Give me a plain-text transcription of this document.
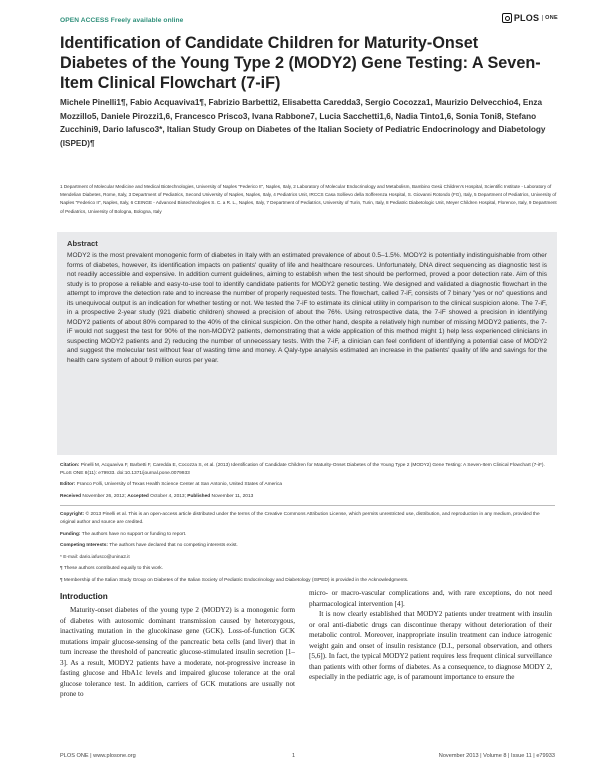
OPEN ACCESS Freely available online	PLOS	ONE
Identification of Candidate Children for Maturity-Onset Diabetes of the Young Type 2 (MODY2) Gene Testing: A Seven-Item Clinical Flowchart (7-iF)
Michele Pinelli1¶, Fabio Acquaviva1¶, Fabrizio Barbetti2, Elisabetta Caredda3, Sergio Cocozza1, Maurizio Delvecchio4, Enza Mozzillo5, Daniele Pirozzi1,6, Francesco Prisco3, Ivana Rabbone7, Lucia Sacchetti1,6, Nadia Tinto1,6, Sonia Toni8, Stefano Zucchini9, Dario Iafusco3*, Italian Study Group on Diabetes of the Italian Society of Pediatric Endocrinology and Diabetology (ISPED)¶
1 Department of Molecular Medicine and Medical Biotechnologies, University of Naples "Federico II", Naples, Italy, 2 Laboratory of Molecular Endocrinology and Metabolism, Bambino Gesù Children's Hospital, Scientific Institute - Laboratory of Mendelian Diabetes, Rome, Italy, 3 Department of Pediatrics, Second University of Naples, Naples, Italy, 4 Pediatrics Unit, IRCCS Casa Sollievo della Sofferenza Hospital, S. Giovanni Rotondo (FG), Italy, 5 Department of Pediatrics, University of Naples "Federico II", Naples, Italy, 6 CEINGE - Advanced Biotechnologies S. C. a R. L., Naples, Italy, 7 Department of Pediatrics, University of Turin, Turin, Italy, 8 Pediatric Diabetologic Unit, Meyer Children Hospital, Florence, Italy, 9 Department of Pediatrics, University of Bologna, Bologna, Italy
Abstract
MODY2 is the most prevalent monogenic form of diabetes in Italy with an estimated prevalence of about 0.5–1.5%. MODY2 is potentially indistinguishable from other forms of diabetes, however, its identification impacts on patients' quality of life and healthcare resources. Unfortunately, DNA direct sequencing as diagnostic test is not readily accessible and expensive. In addition current guidelines, aiming to establish when the test should be performed, proved a poor detection rate. Aim of this study is to propose a reliable and easy-to-use tool to identify candidate patients for MODY2 genetic testing. We designed and validated a diagnostic flowchart in the attempt to improve the detection rate and to increase the number of properly requested tests. The flowchart, called 7-iF, consists of 7 binary "yes or no" questions and its unequivocal output is an indication for whether testing or not. We tested the 7-iF to estimate its clinical utility in comparison to the clinical suspicion alone. The 7-iF, in a prospective 2-year study (921 diabetic children) showed a precision of about the 76%. Using retrospective data, the 7-iF showed a precision in identifying MODY2 patients of about 80% compared to the 40% of the clinical suspicion. On the other hand, despite a relatively high number of missing MODY2 patients, the 7-iF would not suggest the test for 90% of the non-MODY2 patients, demonstrating that a wide application of this method might 1) help less experienced clinicians in suspecting MODY2 patients and 2) reducing the number of unnecessary tests. With the 7-iF, a clinician can feel confident of identifying a potential case of MODY2 and suggest the molecular test without fear of wasting time and money. A Qaly-type analysis estimated an increase in the patients' quality of life and savings for the health care system of about 9 million euros per year.

Citation: Pinelli M, Acquaviva F, Barbetti F, Caredda E, Cocozza S, et al. (2013) Identification of Candidate Children for Maturity-Onset Diabetes of the Young Type 2 (MODY2) Gene Testing: A Seven-Item Clinical Flowchart (7-iF). PLoS ONE 8(11): e79933. doi:10.1371/journal.pone.0079933

Editor: Franco Folli, University of Texas Health Science Center at San Antonio, United States of America

Received November 26, 2012; Accepted October 4, 2013; Published November 11, 2013

Copyright: © 2013 Pinelli et al. This is an open-access article distributed under the terms of the Creative Commons Attribution License, which permits unrestricted use, distribution, and reproduction in any medium, provided the original author and source are credited.

Funding: The authors have no support or funding to report.

Competing Interests: The authors have declared that no competing interests exist.

* E-mail: dario.iafusco@unina2.it

¶ These authors contributed equally to this work.

¶ Membership of the Italian Study Group on Diabetes of the Italian Society of Pediatric Endocrinology and Diabetology (ISPED) is provided in the Acknowledgments.

Introduction
Maturity-onset diabetes of the young type 2 (MODY2) is a monogenic form of diabetes with autosomic dominant transmission caused by heterozygous, inactivating mutation in the glucokinase gene (GCK). Loss-of-function GCK mutations impair glucose-sensing of the pancreatic beta cells (and liver) that in turn increase the threshold of pancreatic glucose-stimulated insulin secretion [1–3]. As a result, MODY2 patients have a moderate, not-progressive increase in fasting glucose and HbA1c levels and impaired glucose tolerance at the oral glucose tolerance test. In addition, carriers of GCK mutations are usually not prone to

micro- or macro-vascular complications and, with rare exceptions, do not need pharmacological intervention [4].

It is now clearly established that MODY2 patients under treatment with insulin or oral anti-diabetic drugs can discontinue therapy without deterioration of their metabolic control. Moreover, inappropriate insulin treatment can induce iatrogenic weight gain and onset of insulin resistance (D.I., personal observation, and others [5,6]). In fact, the typical MODY2 patient requires less frequent clinical surveillance than patients with other forms of diabetes. As a consequence, to diagnose MODY 2, especially in the pediatric age, is of paramount importance to ensure the

PLOS ONE | www.plosone.org	1	November 2013 | Volume 8 | Issue 11 | e79933
